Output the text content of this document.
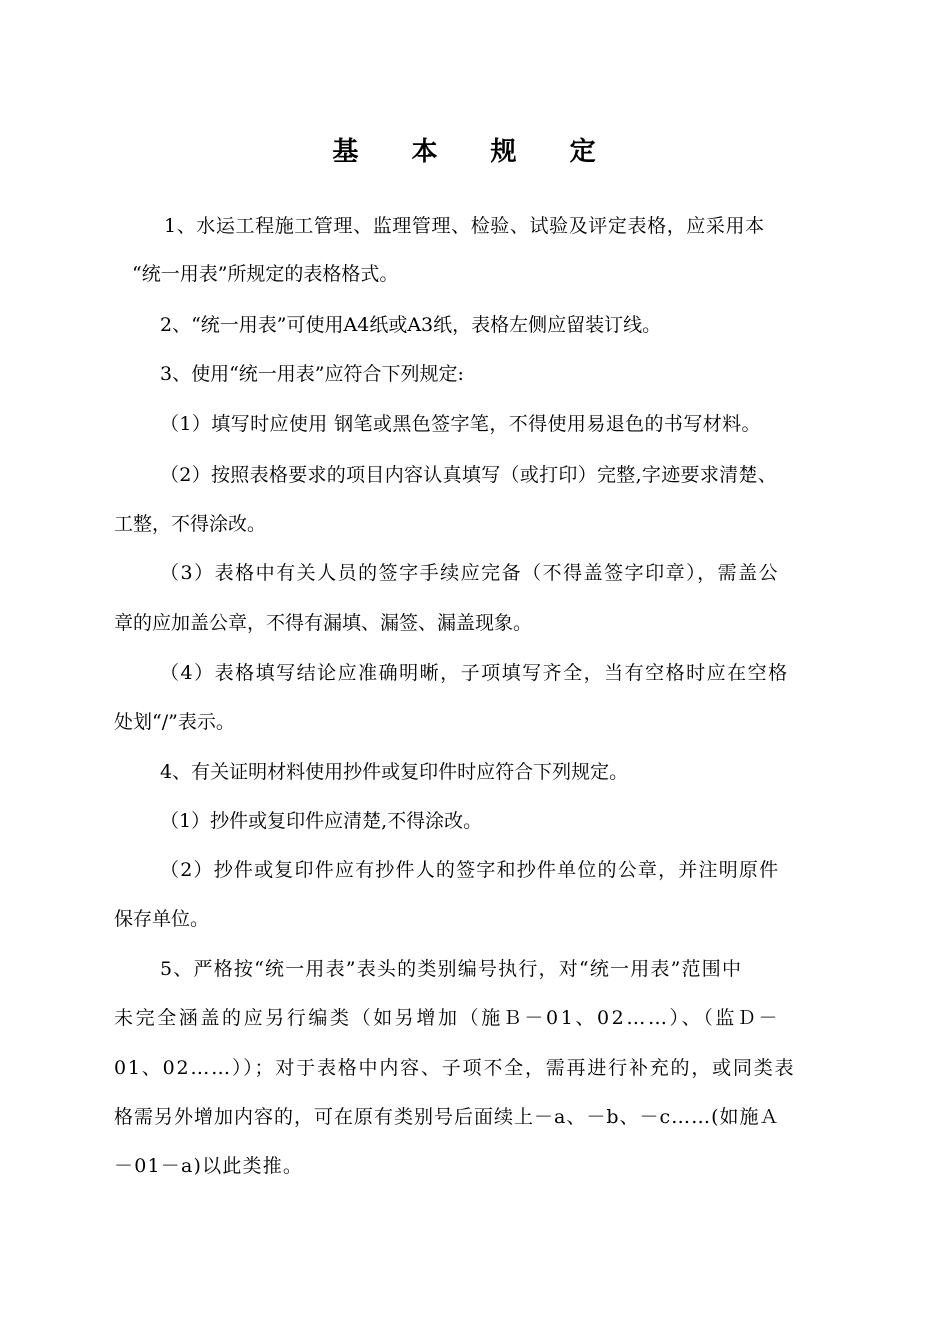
基 本 规 定
1、水运工程施工管理、监理管理、检验、试验及评定表格，应采用本
“统一用表”所规定的表格格式。
2、“统一用表”可使用A4纸或A3纸，表格左侧应留装订线。
3、使用“统一用表”应符合下列规定:
（1）填写时应使用 钢笔或黑色签字笔，不得使用易退色的书写材料。
（2）按照表格要求的项目内容认真填写（或打印）完整,字迹要求清楚、
工整，不得涂改。
（3）表格中有关人员的签字手续应完备（不得盖签字印章），需盖公
章的应加盖公章，不得有漏填、漏签、漏盖现象。
（4）表格填写结论应准确明晰，子项填写齐全，当有空格时应在空格
处划“/”表示。
4、有关证明材料使用抄件或复印件时应符合下列规定。
（1）抄件或复印件应清楚,不得涂改。
（2）抄件或复印件应有抄件人的签字和抄件单位的公章，并注明原件
保存单位。
5、严格按“统一用表”表头的类别编号执行，对“统一用表”范围中
未完全涵盖的应另行编类（如另增加（施Ｂ－01、02……）、（监Ｄ－
01、02……））；对于表格中内容、子项不全，需再进行补充的，或同类表
格需另外增加内容的，可在原有类别号后面续上－a、－b、－c……(如施Ａ
－01－a)以此类推。
